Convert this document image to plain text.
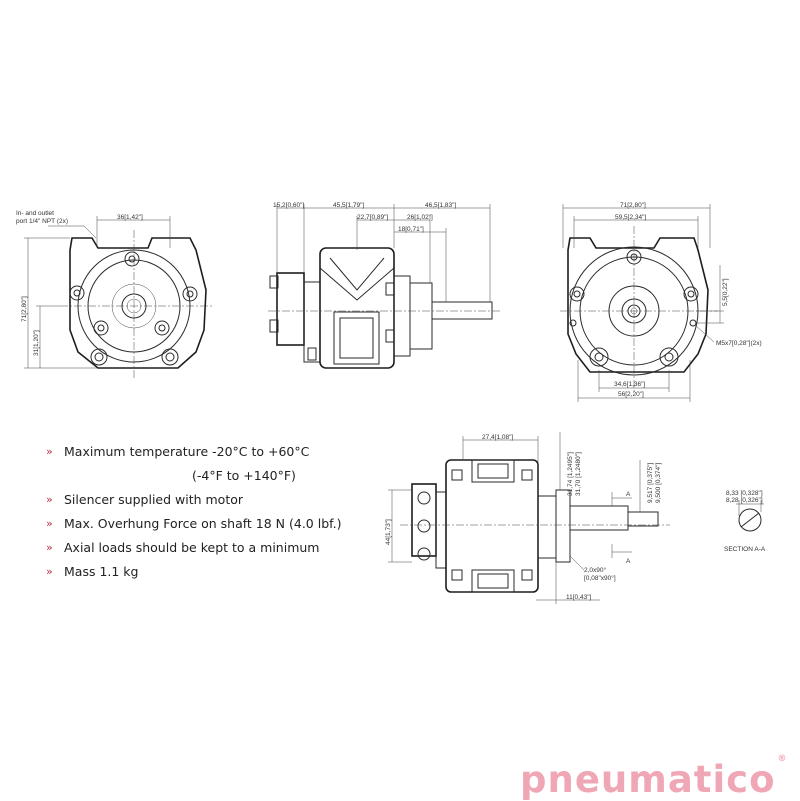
In- and outlet
port 1/4" NPT (2x)
36[1,42"]
71[2,80"]
31[1,20"]
15,2[0,60"]	45,5[1,79"]	46,5[1,83"]
22,7[0,89"]	26[1,02"]
18[0,71"]
71[2,80"]
59,5[2,34"]
5,5[0,22"]
M5x7[0,28"](2x)
34,6[1,36"]
56[2,20"]
27,4[1,08"]
31,74 [1,2495"] 31,70 [1,2480"]	9,517 [0,375"] 9,500 [0,374"]
44[1,73"]
2,0x90°
[0,08"x90°]
11[0,43"]
A
A
8,33 [0,328"]
8,28 [0,326"]
SECTION A-A
» Maximum temperature -20°C to +60°C
(-4°F to +140°F)
» Silencer supplied with motor
» Max. Overhung Force on shaft 18 N (4.0 lbf.)
» Axial loads should be kept to a minimum
» Mass 1.1 kg
pneumatico ®
